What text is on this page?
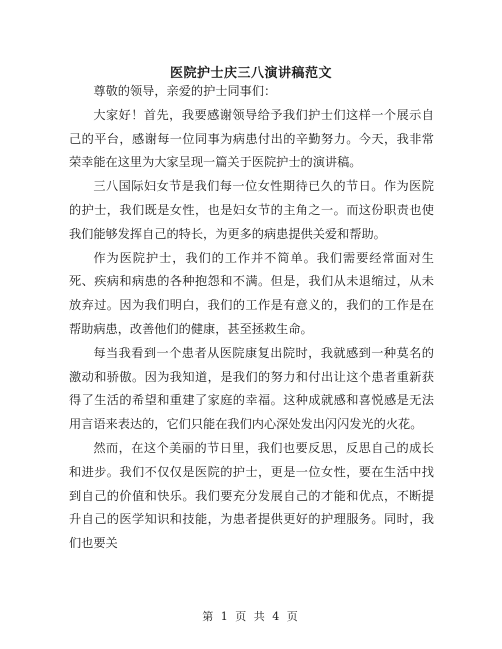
医院护士庆三八演讲稿范文

尊敬的领导，亲爱的护士同事们：

大家好！首先，我要感谢领导给予我们护士们这样一个展示自己的平台，感谢每一位同事为病患付出的辛勤努力。今天，我非常荣幸能在这里为大家呈现一篇关于医院护士的演讲稿。

三八国际妇女节是我们每一位女性期待已久的节日。作为医院的护士，我们既是女性，也是妇女节的主角之一。而这份职责也使我们能够发挥自己的特长，为更多的病患提供关爱和帮助。

作为医院护士，我们的工作并不简单。我们需要经常面对生死、疾病和病患的各种抱怨和不满。但是，我们从未退缩过，从未放弃过。因为我们明白，我们的工作是有意义的，我们的工作是在帮助病患，改善他们的健康，甚至拯救生命。

每当我看到一个患者从医院康复出院时，我就感到一种莫名的激动和骄傲。因为我知道，是我们的努力和付出让这个患者重新获得了生活的希望和重建了家庭的幸福。这种成就感和喜悦感是无法用言语来表达的，它们只能在我们内心深处发出闪闪发光的火花。

然而，在这个美丽的节日里，我们也要反思，反思自己的成长和进步。我们不仅仅是医院的护士，更是一位女性，要在生活中找到自己的价值和快乐。我们要充分发展自己的才能和优点，不断提升自己的医学知识和技能，为患者提供更好的护理服务。同时，我们也要关

第 1 页 共 4 页
